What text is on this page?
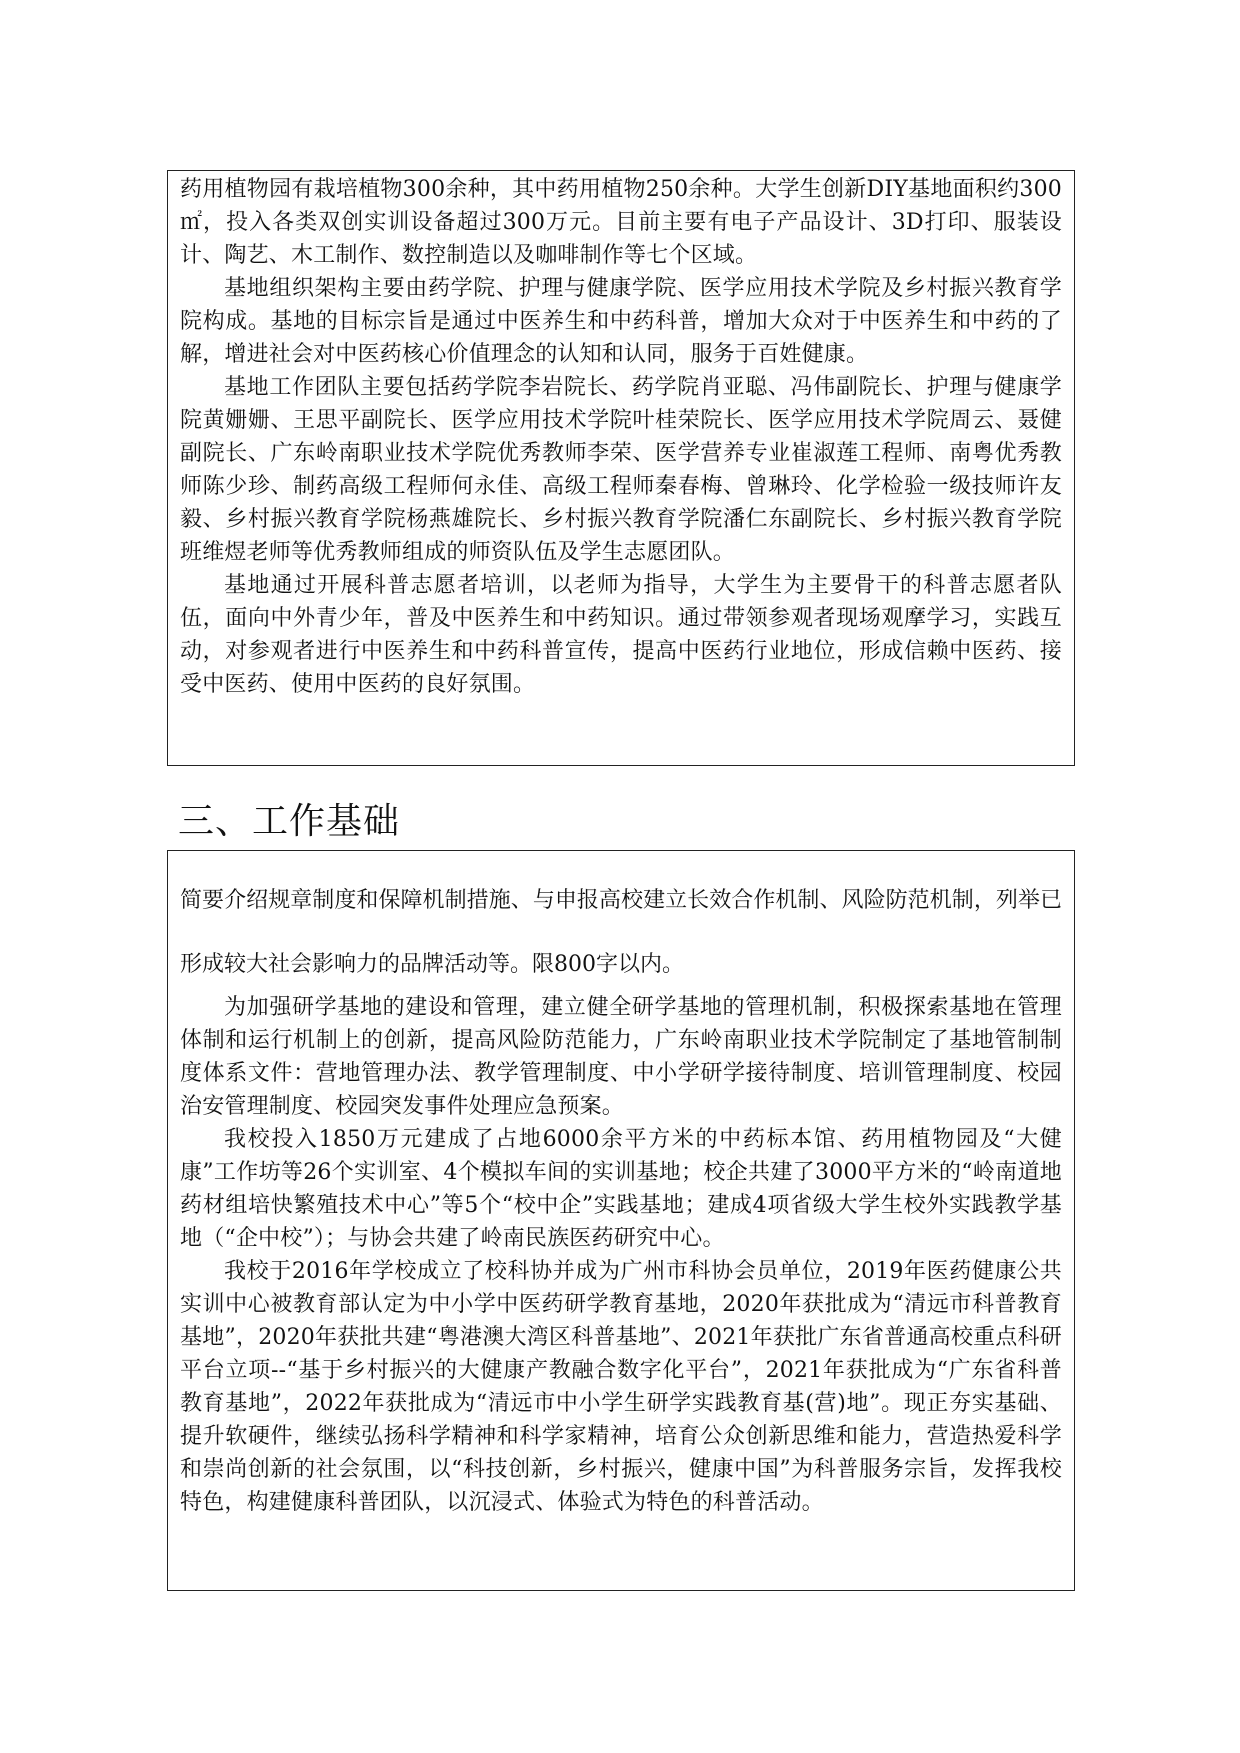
药用植物园有栽培植物300余种，其中药用植物250余种。大学生创新DIY基地面积约300㎡，投入各类双创实训设备超过300万元。目前主要有电子产品设计、3D打印、服装设计、陶艺、木工制作、数控制造以及咖啡制作等七个区域。

基地组织架构主要由药学院、护理与健康学院、医学应用技术学院及乡村振兴教育学院构成。基地的目标宗旨是通过中医养生和中药科普，增加大众对于中医养生和中药的了解，增进社会对中医药核心价值理念的认知和认同，服务于百姓健康。

基地工作团队主要包括药学院李岩院长、药学院肖亚聪、冯伟副院长、护理与健康学院黄姗姗、王思平副院长、医学应用技术学院叶桂荣院长、医学应用技术学院周云、聂健副院长、广东岭南职业技术学院优秀教师李荣、医学营养专业崔淑莲工程师、南粤优秀教师陈少珍、制药高级工程师何永佳、高级工程师秦春梅、曾琳玲、化学检验一级技师许友毅、乡村振兴教育学院杨燕雄院长、乡村振兴教育学院潘仁东副院长、乡村振兴教育学院班维煜老师等优秀教师组成的师资队伍及学生志愿团队。

基地通过开展科普志愿者培训，以老师为指导，大学生为主要骨干的科普志愿者队伍，面向中外青少年，普及中医养生和中药知识。通过带领参观者现场观摩学习，实践互动，对参观者进行中医养生和中药科普宣传，提高中医药行业地位，形成信赖中医药、接受中医药、使用中医药的良好氛围。

三、工作基础

简要介绍规章制度和保障机制措施、与申报高校建立长效合作机制、风险防范机制，列举已形成较大社会影响力的品牌活动等。限800字以内。

为加强研学基地的建设和管理，建立健全研学基地的管理机制，积极探索基地在管理体制和运行机制上的创新，提高风险防范能力，广东岭南职业技术学院制定了基地管制制度体系文件：营地管理办法、教学管理制度、中小学研学接待制度、培训管理制度、校园治安管理制度、校园突发事件处理应急预案。

我校投入1850万元建成了占地6000余平方米的中药标本馆、药用植物园及“大健康”工作坊等26个实训室、4个模拟车间的实训基地；校企共建了3000平方米的“岭南道地药材组培快繁殖技术中心”等5个“校中企”实践基地；建成4项省级大学生校外实践教学基地（“企中校”）；与协会共建了岭南民族医药研究中心。

我校于2016年学校成立了校科协并成为广州市科协会员单位，2019年医药健康公共实训中心被教育部认定为中小学中医药研学教育基地，2020年获批成为“清远市科普教育基地”，2020年获批共建“粤港澳大湾区科普基地”、2021年获批广东省普通高校重点科研平台立项--“基于乡村振兴的大健康产教融合数字化平台”，2021年获批成为“广东省科普教育基地”，2022年获批成为“清远市中小学生研学实践教育基(营)地”。现正夯实基础、提升软硬件，继续弘扬科学精神和科学家精神，培育公众创新思维和能力，营造热爱科学和崇尚创新的社会氛围，以“科技创新，乡村振兴，健康中国”为科普服务宗旨，发挥我校特色，构建健康科普团队，以沉浸式、体验式为特色的科普活动。
